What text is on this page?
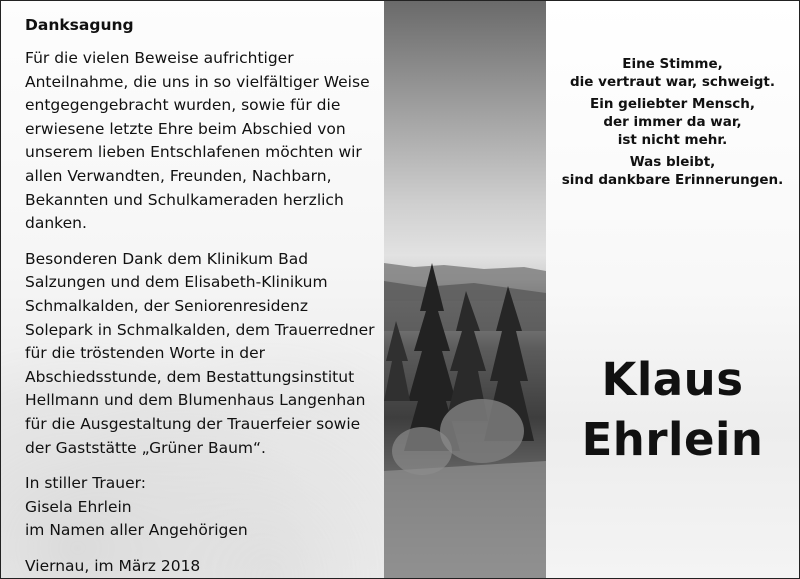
Danksagung

Für die vielen Beweise aufrichtiger Anteilnahme, die uns in so vielfältiger Weise entgegengebracht wurden, sowie für die erwiesene letzte Ehre beim Abschied von unserem lieben Entschlafenen möchten wir allen Verwandten, Freunden, Nachbarn, Bekannten und Schulkameraden herzlich danken.

Besonderen Dank dem Klinikum Bad Salzungen und dem Elisabeth-Klinikum Schmalkalden, der Seniorenresidenz Solepark in Schmalkalden, dem Trauerredner für die tröstenden Worte in der Abschiedsstunde, dem Bestattungsinstitut Hellmann und dem Blumenhaus Langenhan für die Ausgestaltung der Trauerfeier sowie der Gaststätte „Grüner Baum“.

In stiller Trauer:
Gisela Ehrlein
im Namen aller Angehörigen

Viernau, im März 2018

Eine Stimme,
die vertraut war, schweigt.
Ein geliebter Mensch,
der immer da war,
ist nicht mehr.
Was bleibt,
sind dankbare Erinnerungen.
Klaus
Ehrlein
